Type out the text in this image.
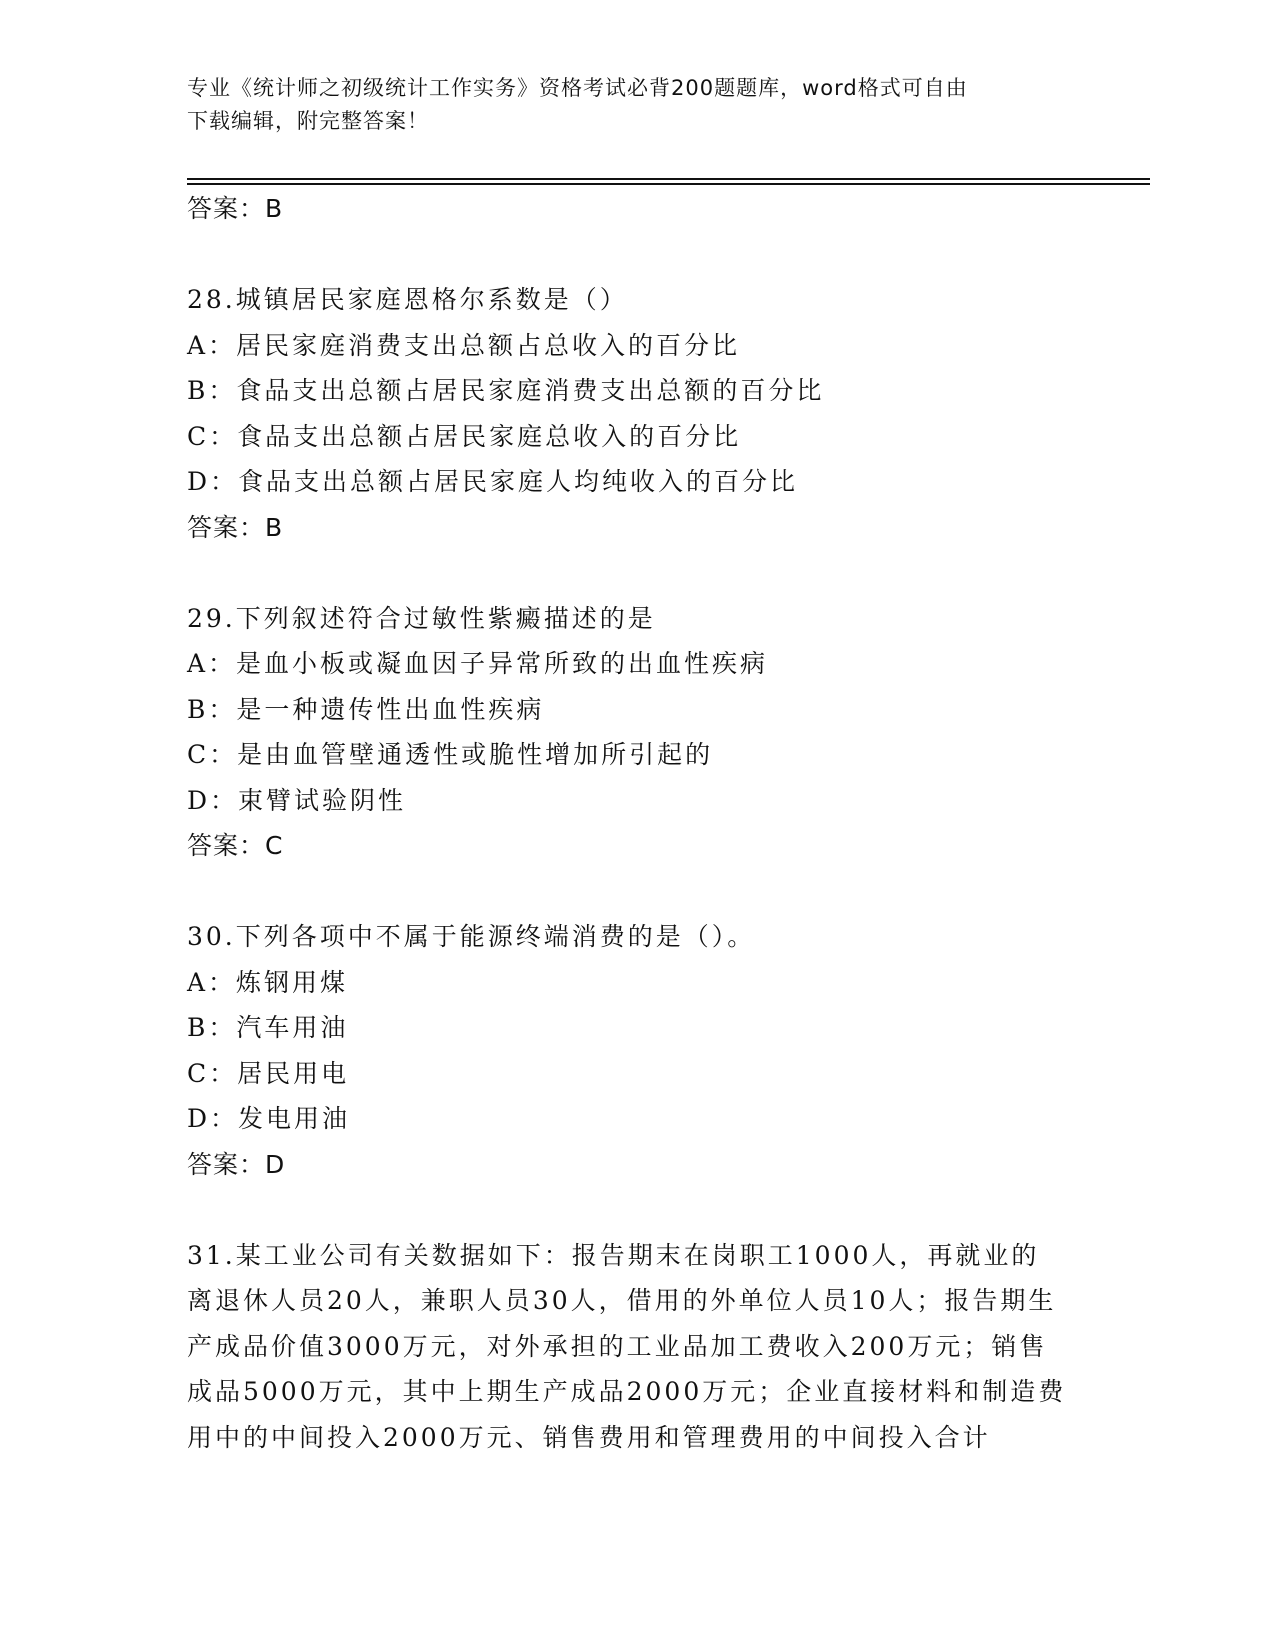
专业《统计师之初级统计工作实务》资格考试必背200题题库，word格式可自由
下载编辑，附完整答案！
答案：B
28.城镇居民家庭恩格尔系数是（）
A：居民家庭消费支出总额占总收入的百分比
B：食品支出总额占居民家庭消费支出总额的百分比
C：食品支出总额占居民家庭总收入的百分比
D：食品支出总额占居民家庭人均纯收入的百分比
答案：B
29.下列叙述符合过敏性紫癜描述的是
A：是血小板或凝血因子异常所致的出血性疾病
B：是一种遗传性出血性疾病
C：是由血管壁通透性或脆性增加所引起的
D：束臂试验阴性
答案：C
30.下列各项中不属于能源终端消费的是（）。
A：炼钢用煤
B：汽车用油
C：居民用电
D：发电用油
答案：D
31.某工业公司有关数据如下：报告期末在岗职工1000人，再就业的离退休人员20人，兼职人员30人，借用的外单位人员10人；报告期生产成品价值3000万元，对外承担的工业品加工费收入200万元；销售成品5000万元，其中上期生产成品2000万元；企业直接材料和制造费用中的中间投入2000万元、销售费用和管理费用的中间投入合计
